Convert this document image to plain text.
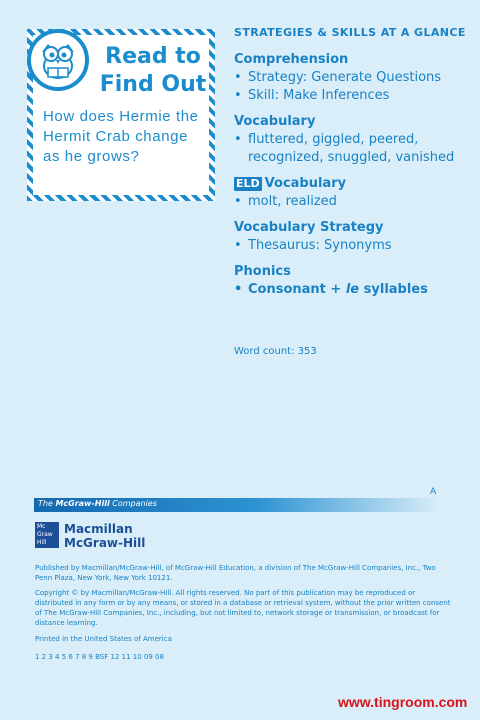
Read to
Find Out
How does Hermie the Hermit Crab change as he grows?

STRATEGIES & SKILLS AT A GLANCE

Comprehension

• Strategy: Generate Questions
• Skill: Make Inferences

Vocabulary

• fluttered, giggled, peered, recognized, snuggled, vanished

ELD Vocabulary

• molt, realized

Vocabulary Strategy

• Thesaurus: Synonyms

Phonics

• Consonant + le syllables
Word count: 353
A
The McGraw-Hill Companies
Mc
Graw
Hill
Macmillan
McGraw-Hill
Published by Macmillan/McGraw-Hill, of McGraw-Hill Education, a division of The McGraw-Hill Companies, Inc., Two Penn Plaza, New York, New York 10121.
Copyright © by Macmillan/McGraw-Hill. All rights reserved. No part of this publication may be reproduced or distributed in any form or by any means, or stored in a database or retrieval system, without the prior written consent of The McGraw-Hill Companies, Inc., including, but not limited to, network storage or transmission, or broadcast for distance learning.
Printed in the United States of America
1 2 3 4 5 6 7 8 9 BSF 12 11 10 09 08
www.tingroom.com
